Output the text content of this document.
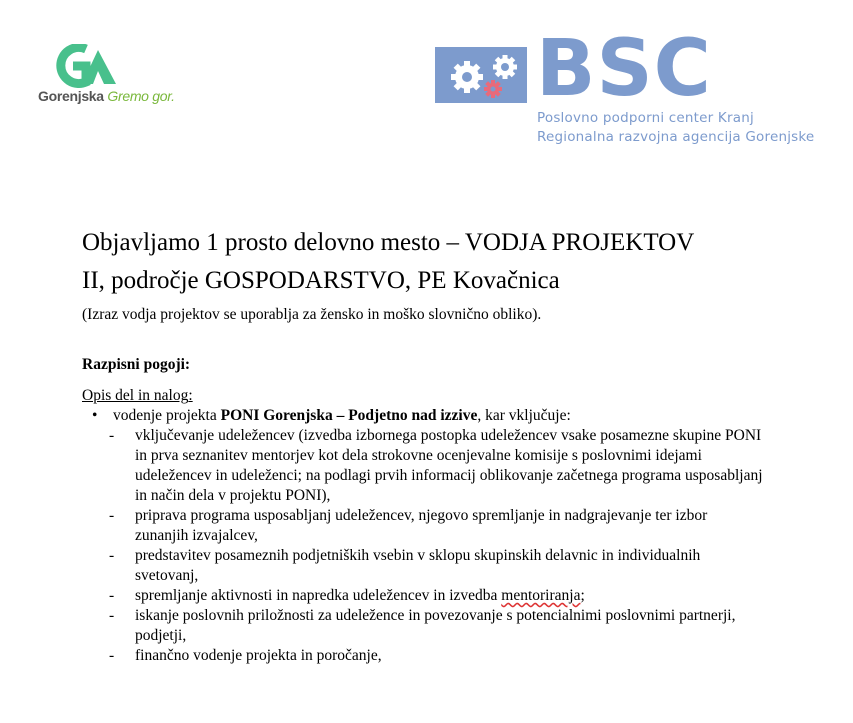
Gorenjska Gremo gor.	BSC
Poslovno podporni center Kranj
Regionalna razvojna agencija Gorenjske
Objavljamo 1 prosto delovno mesto – VODJA PROJEKTOV II, področje GOSPODARSTVO, PE Kovačnica
(Izraz vodja projektov se uporablja za žensko in moško slovnično obliko).
Razpisni pogoji:
Opis del in nalog:
• vodenje projekta PONI Gorenjska – Podjetno nad izzive, kar vključuje:
- vključevanje udeležencev (izvedba izbornega postopka udeležencev vsake posamezne skupine PONI in prva seznanitev mentorjev kot dela strokovne ocenjevalne komisije s poslovnimi idejami udeležencev in udeleženci; na podlagi prvih informacij oblikovanje začetnega programa usposabljanj in način dela v projektu PONI),
- priprava programa usposabljanj udeležencev, njegovo spremljanje in nadgrajevanje ter izbor zunanjih izvajalcev,
- predstavitev posameznih podjetniških vsebin v sklopu skupinskih delavnic in individualnih svetovanj,
- spremljanje aktivnosti in napredka udeležencev in izvedba mentoriranja;
- iskanje poslovnih priložnosti za udeležence in povezovanje s potencialnimi poslovnimi partnerji, podjetji,
- finančno vodenje projekta in poročanje,
